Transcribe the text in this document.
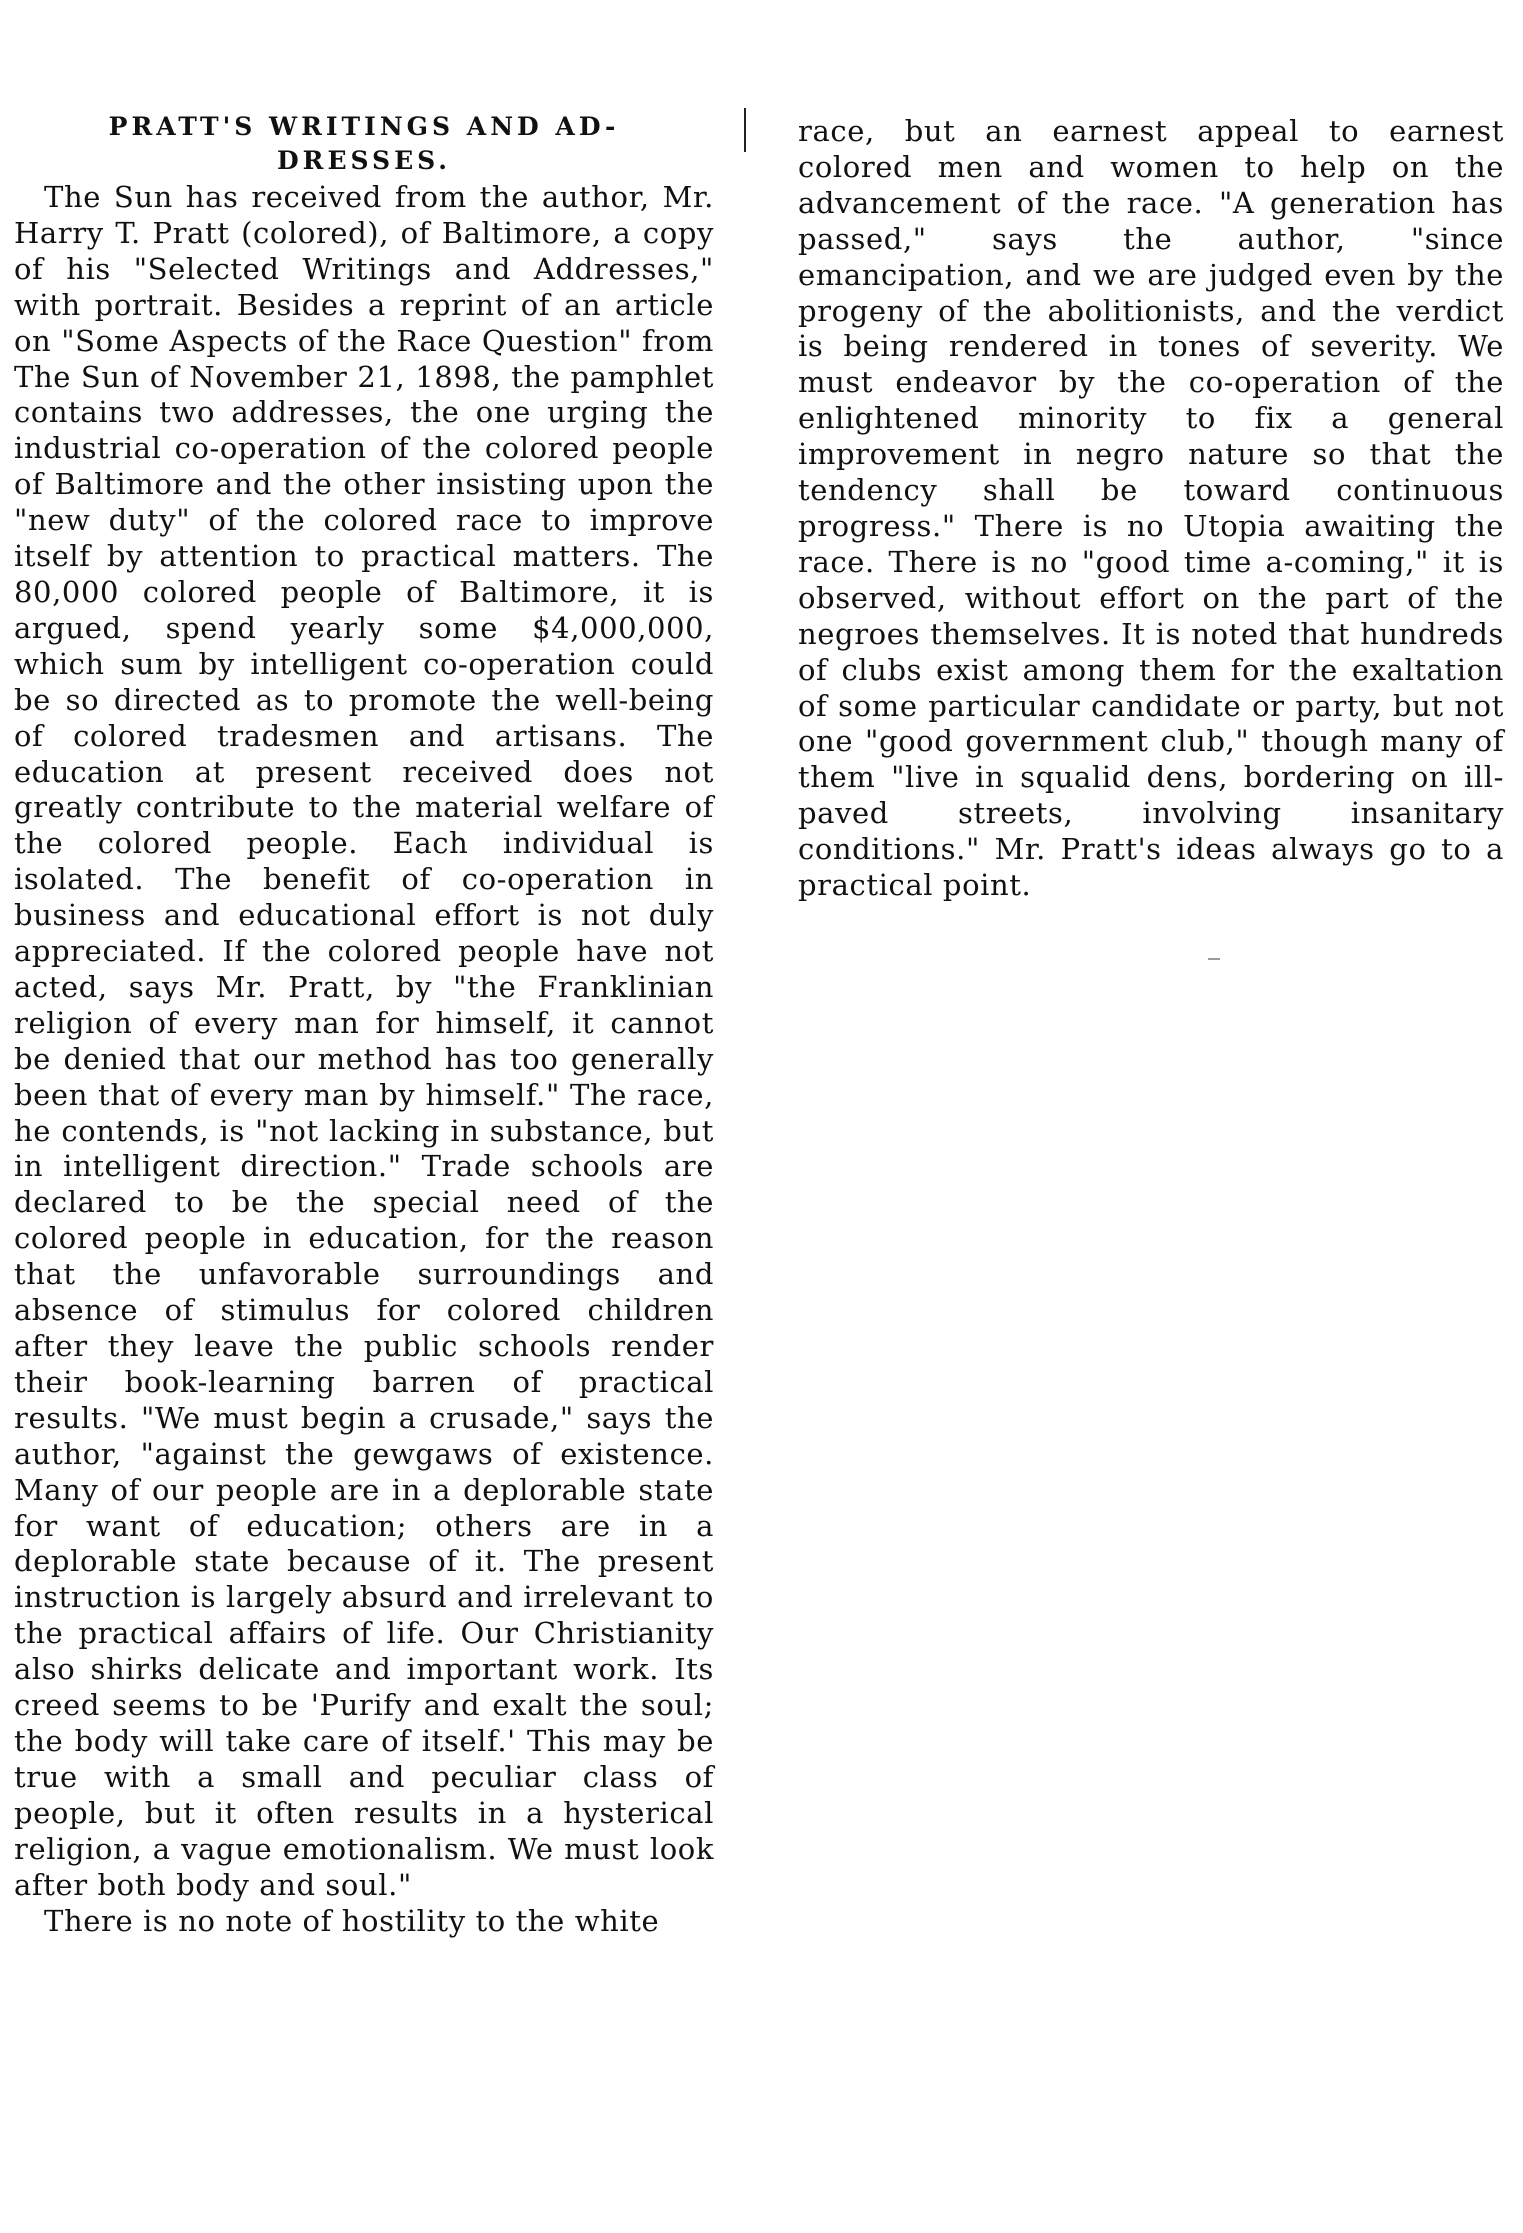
PRATT'S WRITINGS AND AD-
DRESSES.

The Sun has received from the author, Mr. Harry T. Pratt (colored), of Baltimore, a copy of his "Selected Writings and Addresses," with portrait. Besides a reprint of an article on "Some Aspects of the Race Question" from The Sun of November 21, 1898, the pamphlet contains two addresses, the one urging the industrial co-operation of the colored people of Baltimore and the other insisting upon the "new duty" of the colored race to improve itself by attention to practical matters. The 80,000 colored people of Baltimore, it is argued, spend yearly some $4,000,000, which sum by intelligent co-operation could be so directed as to promote the well-being of colored tradesmen and artisans. The education at present received does not greatly contribute to the material welfare of the colored people. Each individual is isolated. The benefit of co-operation in business and educational effort is not duly appreciated. If the colored people have not acted, says Mr. Pratt, by "the Franklinian religion of every man for himself, it cannot be denied that our method has too generally been that of every man by himself." The race, he contends, is "not lacking in substance, but in intelligent direction." Trade schools are declared to be the special need of the colored people in education, for the reason that the unfavorable surroundings and absence of stimulus for colored children after they leave the public schools render their book-learning barren of practical results. "We must begin a crusade," says the author, "against the gewgaws of existence. Many of our people are in a deplorable state for want of education; others are in a deplorable state because of it. The present instruction is largely absurd and irrelevant to the practical affairs of life. Our Christianity also shirks delicate and important work. Its creed seems to be 'Purify and exalt the soul; the body will take care of itself.' This may be true with a small and peculiar class of people, but it often results in a hysterical religion, a vague emotionalism. We must look after both body and soul."

There is no note of hostility to the white

race, but an earnest appeal to earnest colored men and women to help on the advancement of the race. "A generation has passed," says the author, "since emancipation, and we are judged even by the progeny of the abolitionists, and the verdict is being rendered in tones of severity. We must endeavor by the co-operation of the enlightened minority to fix a general improvement in negro nature so that the tendency shall be toward continuous progress." There is no Utopia awaiting the race. There is no "good time a-coming," it is observed, without effort on the part of the negroes themselves. It is noted that hundreds of clubs exist among them for the exaltation of some particular candidate or party, but not one "good government club," though many of them "live in squalid dens, bordering on ill-paved streets, involving insanitary conditions." Mr. Pratt's ideas always go to a practical point.
